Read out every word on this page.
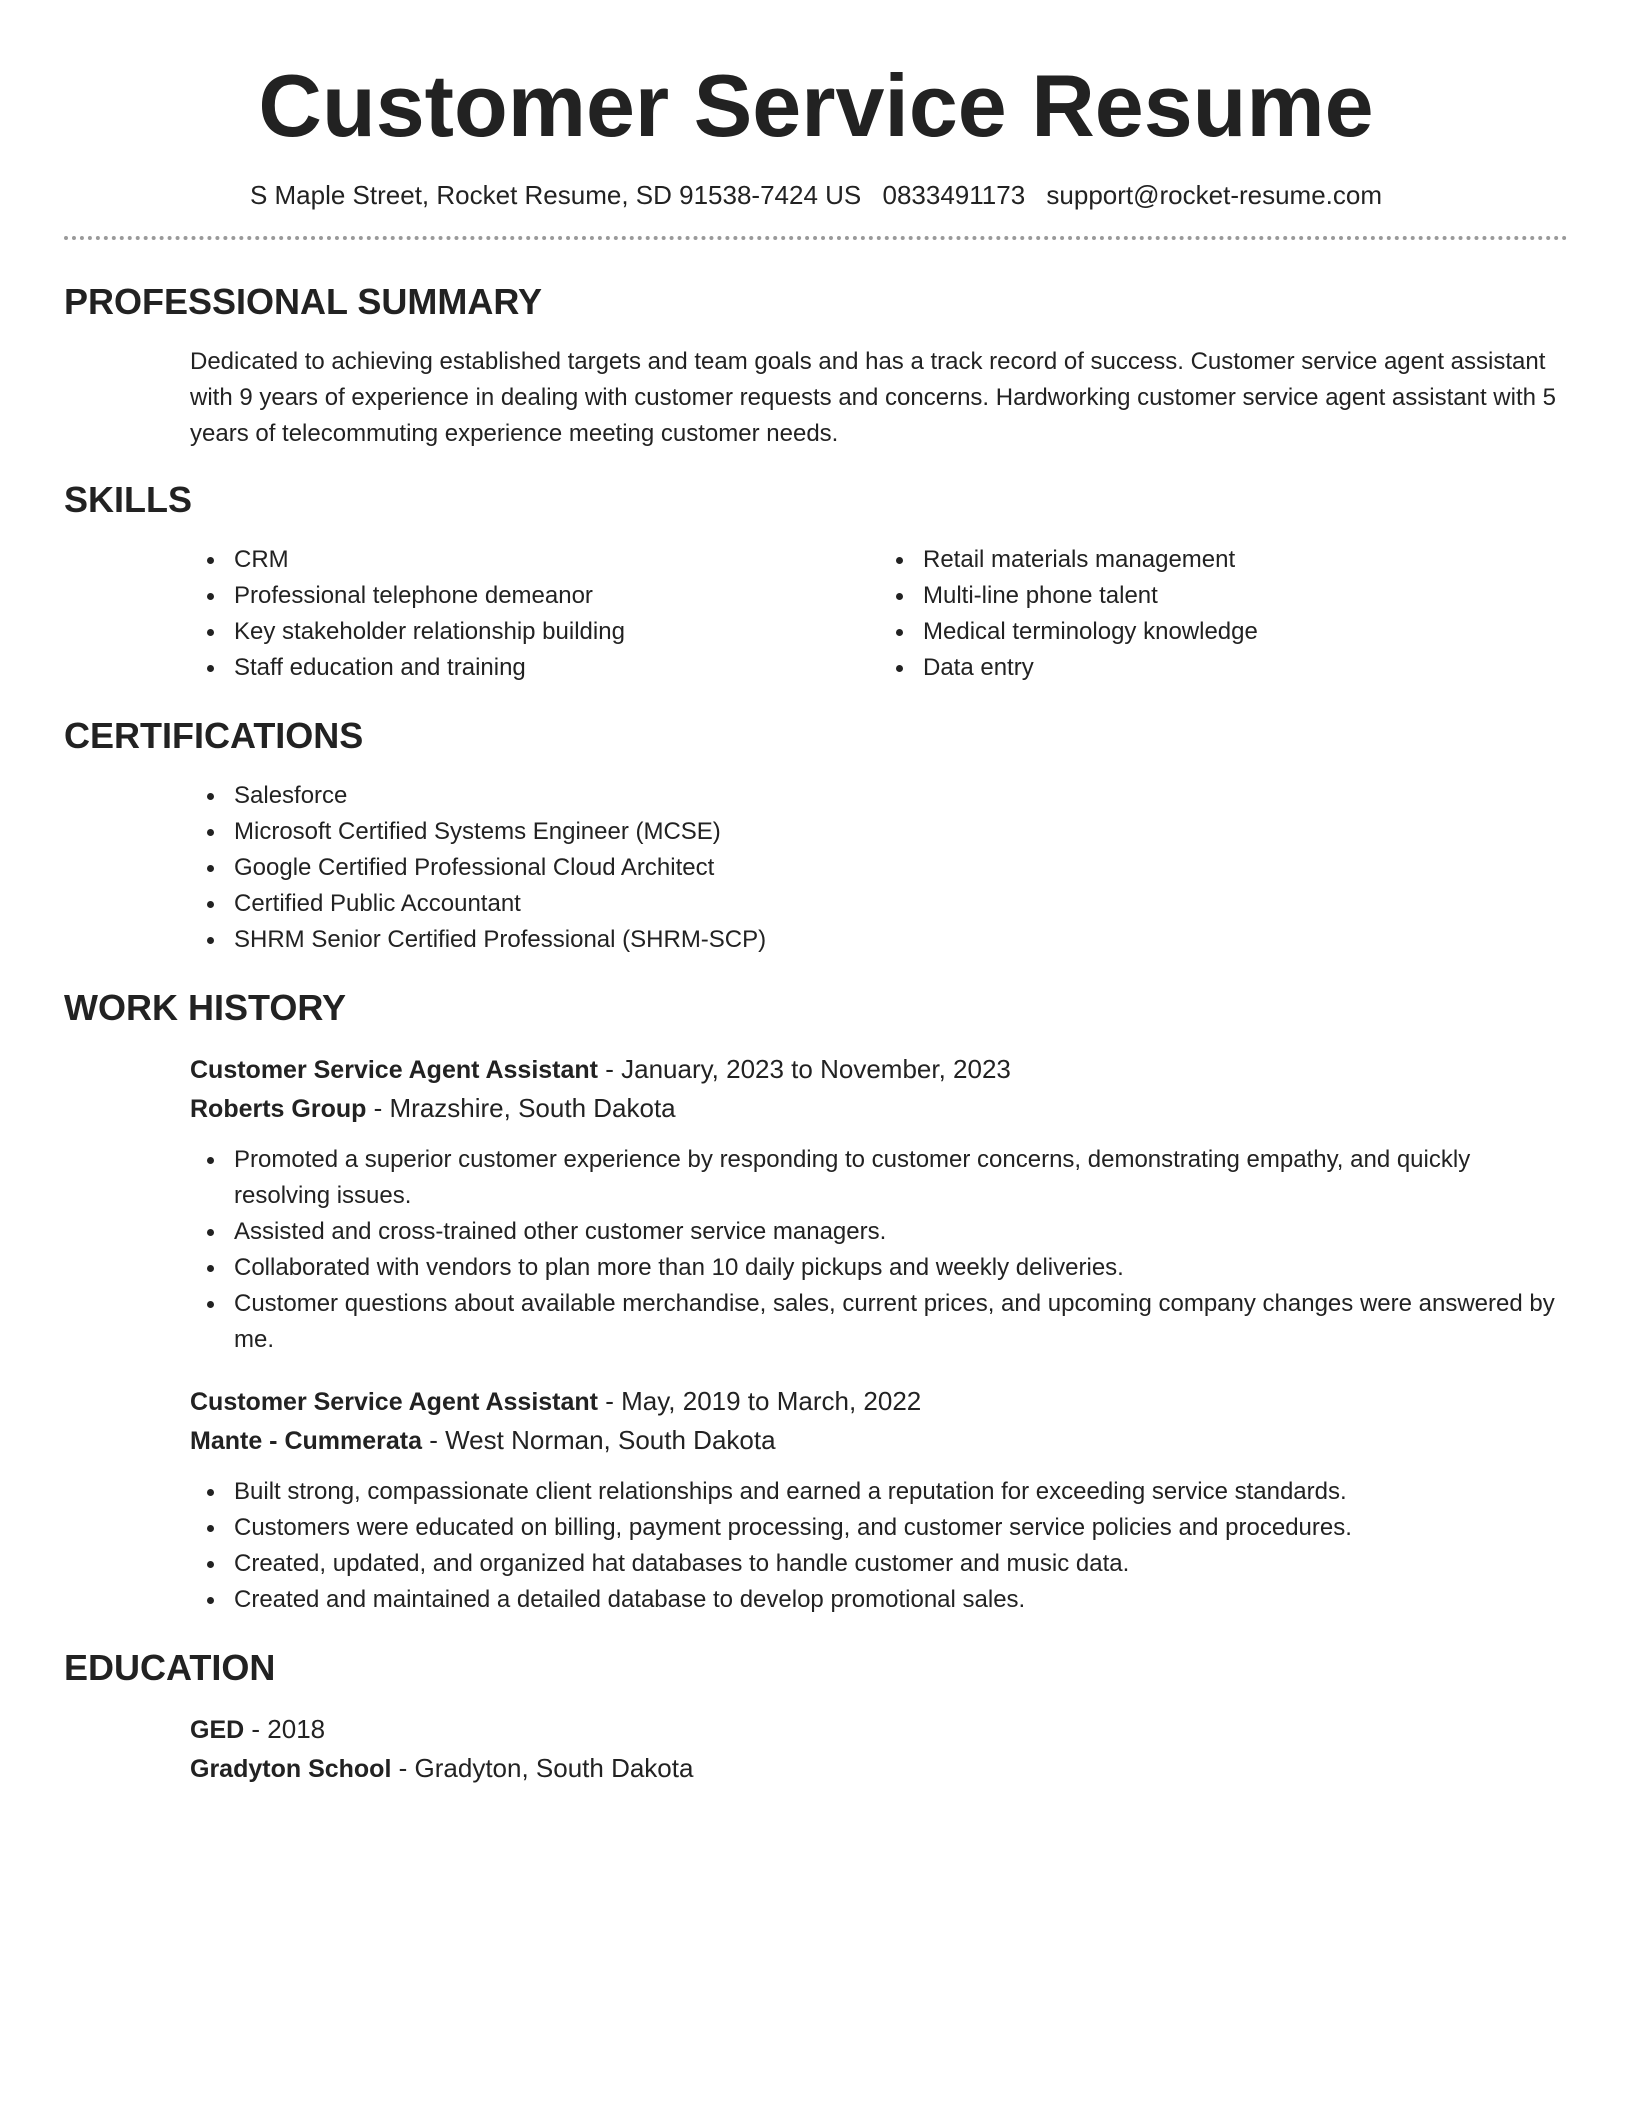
Customer Service Resume
S Maple Street, Rocket Resume, SD 91538-7424 US 0833491173 support@rocket-resume.com
PROFESSIONAL SUMMARY

Dedicated to achieving established targets and team goals and has a track record of success. Customer service agent assistant with 9 years of experience in dealing with customer requests and concerns. Hardworking customer service agent assistant with 5 years of telecommuting experience meeting customer needs.

SKILLS
CRM
Professional telephone demeanor
Key stakeholder relationship building
Staff education and training
Retail materials management
Multi-line phone talent
Medical terminology knowledge
Data entry
CERTIFICATIONS
Salesforce
Microsoft Certified Systems Engineer (MCSE)
Google Certified Professional Cloud Architect
Certified Public Accountant
SHRM Senior Certified Professional (SHRM-SCP)
WORK HISTORY
Customer Service Agent Assistant - January, 2023 to November, 2023
Roberts Group - Mrazshire, South Dakota
Promoted a superior customer experience by responding to customer concerns, demonstrating empathy, and quickly resolving issues.
Assisted and cross-trained other customer service managers.
Collaborated with vendors to plan more than 10 daily pickups and weekly deliveries.
Customer questions about available merchandise, sales, current prices, and upcoming company changes were answered by me.
Customer Service Agent Assistant - May, 2019 to March, 2022
Mante - Cummerata - West Norman, South Dakota
Built strong, compassionate client relationships and earned a reputation for exceeding service standards.
Customers were educated on billing, payment processing, and customer service policies and procedures.
Created, updated, and organized hat databases to handle customer and music data.
Created and maintained a detailed database to develop promotional sales.
EDUCATION
GED - 2018
Gradyton School - Gradyton, South Dakota
